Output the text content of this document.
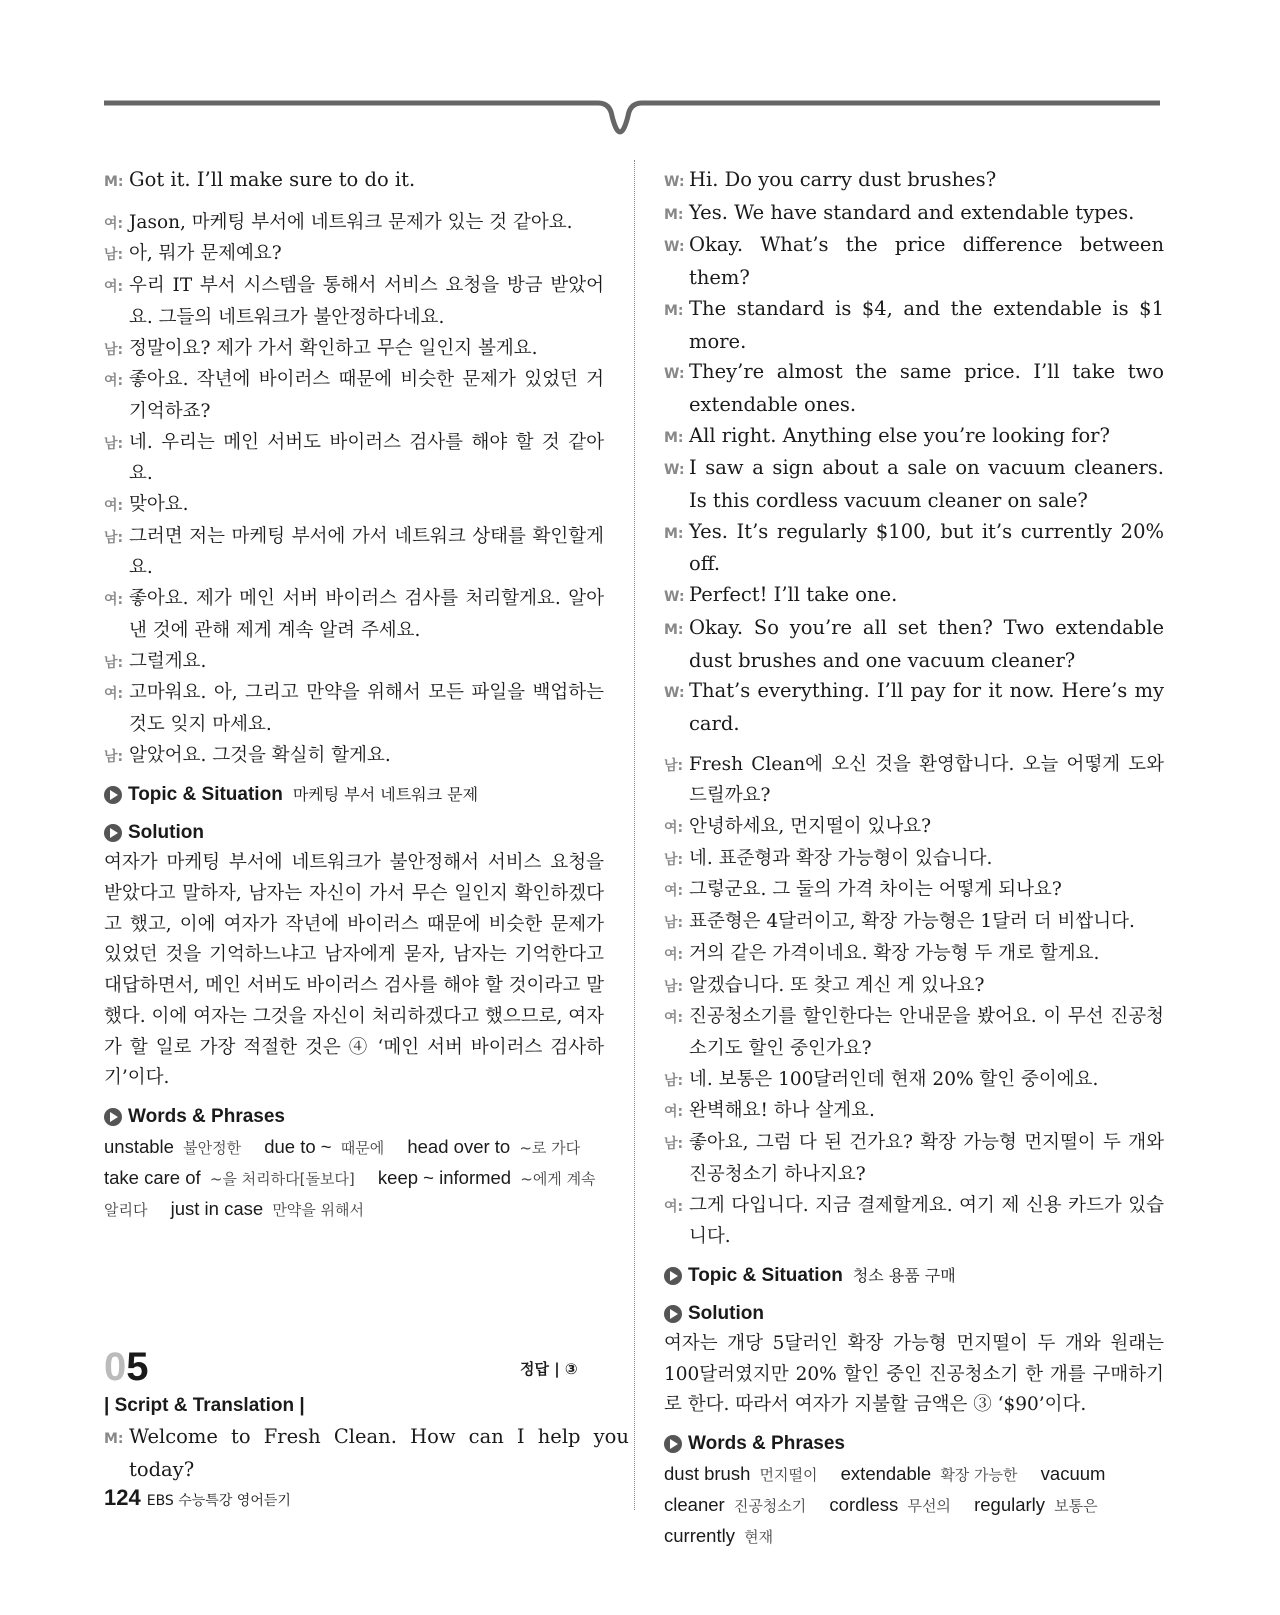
M: Got it. I’ll make sure to do it.
여: Jason, 마케팅 부서에 네트워크 문제가 있는 것 같아요.
남: 아, 뭐가 문제예요?
여: 우리 IT 부서 시스템을 통해서 서비스 요청을 방금 받았어요. 그들의 네트워크가 불안정하다네요.
남: 정말이요? 제가 가서 확인하고 무슨 일인지 볼게요.
여: 좋아요. 작년에 바이러스 때문에 비슷한 문제가 있었던 거 기억하죠?
남: 네. 우리는 메인 서버도 바이러스 검사를 해야 할 것 같아요.
여: 맞아요.
남: 그러면 저는 마케팅 부서에 가서 네트워크 상태를 확인할게요.
여: 좋아요. 제가 메인 서버 바이러스 검사를 처리할게요. 알아낸 것에 관해 제게 계속 알려 주세요.
남: 그럴게요.
여: 고마워요. 아, 그리고 만약을 위해서 모든 파일을 백업하는 것도 잊지 마세요.
남: 알았어요. 그것을 확실히 할게요.
Topic & Situation 마케팅 부서 네트워크 문제
Solution
여자가 마케팅 부서에 네트워크가 불안정해서 서비스 요청을 받았다고 말하자, 남자는 자신이 가서 무슨 일인지 확인하겠다고 했고, 이에 여자가 작년에 바이러스 때문에 비슷한 문제가 있었던 것을 기억하느냐고 남자에게 묻자, 남자는 기억한다고 대답하면서, 메인 서버도 바이러스 검사를 해야 할 것이라고 말했다. 이에 여자는 그것을 자신이 처리하겠다고 했으므로, 여자가 할 일로 가장 적절한 것은 ④ ‘메인 서버 바이러스 검사하기’이다.
Words & Phrases
unstable 불안정한 due to ~ 때문에 head over to ~로 가다 take care of ~을 처리하다[돌보다] keep ~ informed ~에게 계속 알리다 just in case 만약을 위해서
05	정답 | ③
| Script & Translation |
M: Welcome to Fresh Clean. How can I help you today?
W: Hi. Do you carry dust brushes?
M: Yes. We have standard and extendable types.
W: Okay. What’s the price difference between them?
M: The standard is $4, and the extendable is $1 more.
W: They’re almost the same price. I’ll take two extendable ones.
M: All right. Anything else you’re looking for?
W: I saw a sign about a sale on vacuum cleaners. Is this cordless vacuum cleaner on sale?
M: Yes. It’s regularly $100, but it’s currently 20% off.
W: Perfect! I’ll take one.
M: Okay. So you’re all set then? Two extendable dust brushes and one vacuum cleaner?
W: That’s everything. I’ll pay for it now. Here’s my card.
남: Fresh Clean에 오신 것을 환영합니다. 오늘 어떻게 도와드릴까요?
여: 안녕하세요, 먼지떨이 있나요?
남: 네. 표준형과 확장 가능형이 있습니다.
여: 그렇군요. 그 둘의 가격 차이는 어떻게 되나요?
남: 표준형은 4달러이고, 확장 가능형은 1달러 더 비쌉니다.
여: 거의 같은 가격이네요. 확장 가능형 두 개로 할게요.
남: 알겠습니다. 또 찾고 계신 게 있나요?
여: 진공청소기를 할인한다는 안내문을 봤어요. 이 무선 진공청소기도 할인 중인가요?
남: 네. 보통은 100달러인데 현재 20% 할인 중이에요.
여: 완벽해요! 하나 살게요.
남: 좋아요, 그럼 다 된 건가요? 확장 가능형 먼지떨이 두 개와 진공청소기 하나지요?
여: 그게 다입니다. 지금 결제할게요. 여기 제 신용 카드가 있습니다.
Topic & Situation 청소 용품 구매
Solution
여자는 개당 5달러인 확장 가능형 먼지떨이 두 개와 원래는 100달러였지만 20% 할인 중인 진공청소기 한 개를 구매하기로 한다. 따라서 여자가 지불할 금액은 ③ ‘$90’이다.
Words & Phrases
dust brush 먼지떨이 extendable 확장 가능한 vacuum cleaner 진공청소기 cordless 무선의 regularly 보통은 currently 현재
124 EBS 수능특강 영어듣기
